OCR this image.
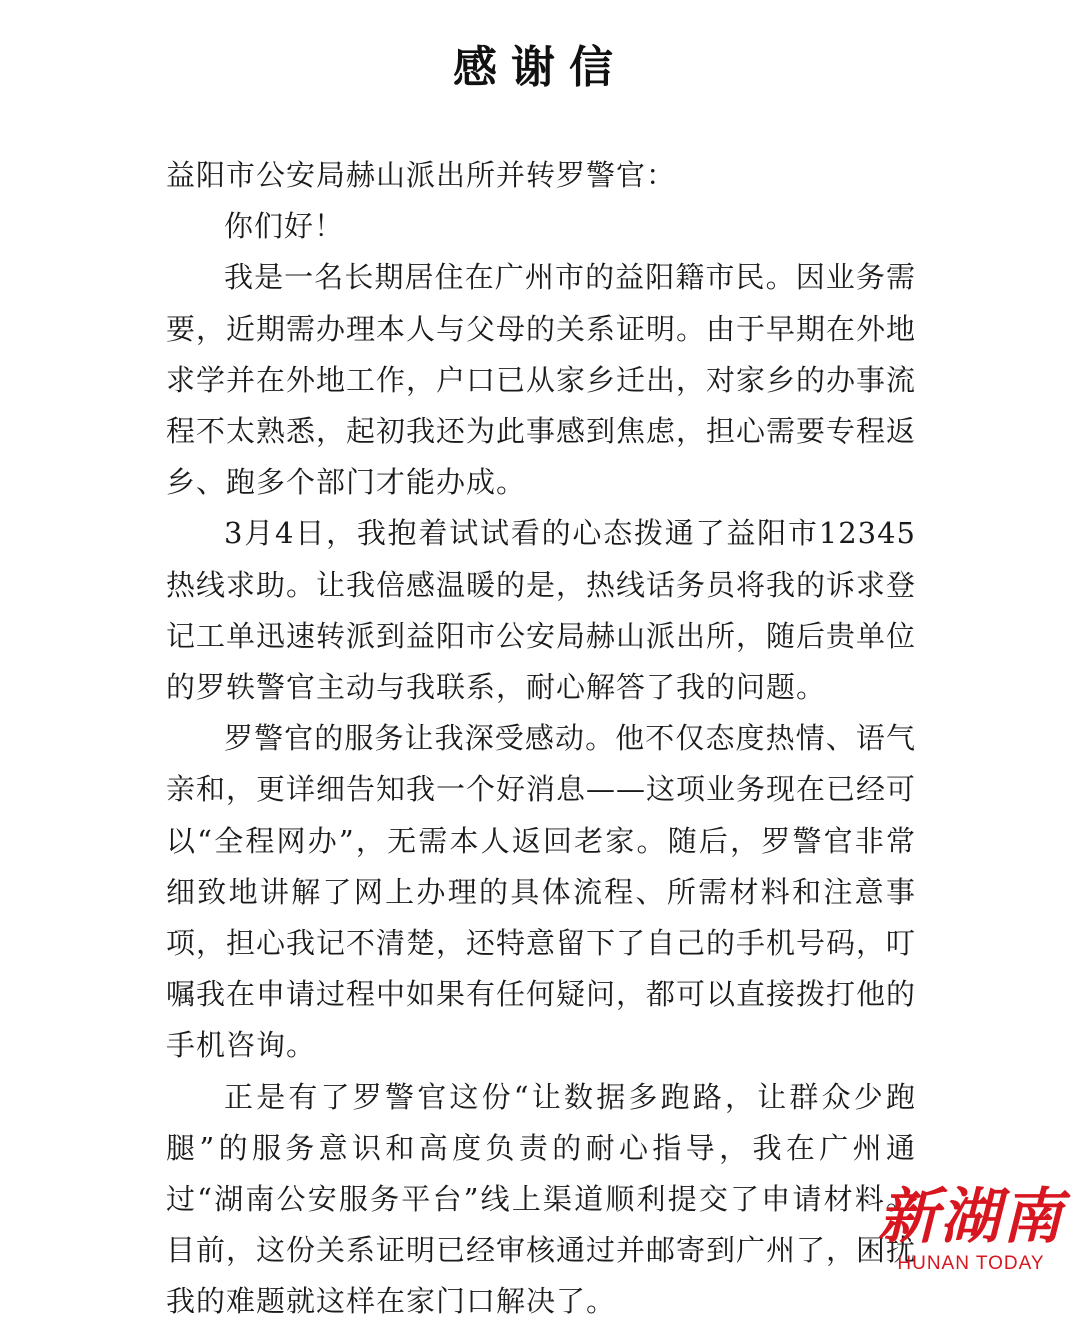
感谢信

益阳市公安局赫山派出所并转罗警官：

你们好！

我是一名长期居住在广州市的益阳籍市民。因业务需要，近期需办理本人与父母的关系证明。由于早期在外地求学并在外地工作，户口已从家乡迁出，对家乡的办事流程不太熟悉，起初我还为此事感到焦虑，担心需要专程返乡、跑多个部门才能办成。

3月4日，我抱着试试看的心态拨通了益阳市12345热线求助。让我倍感温暖的是，热线话务员将我的诉求登记工单迅速转派到益阳市公安局赫山派出所，随后贵单位的罗轶警官主动与我联系，耐心解答了我的问题。

罗警官的服务让我深受感动。他不仅态度热情、语气亲和，更详细告知我一个好消息——这项业务现在已经可以“全程网办”，无需本人返回老家。随后，罗警官非常细致地讲解了网上办理的具体流程、所需材料和注意事项，担心我记不清楚，还特意留下了自己的手机号码，叮嘱我在申请过程中如果有任何疑问，都可以直接拨打他的手机咨询。

正是有了罗警官这份“让数据多跑路，让群众少跑腿”的服务意识和高度负责的耐心指导，我在广州通过“湖南公安服务平台”线上渠道顺利提交了申请材料。目前，这份关系证明已经审核通过并邮寄到广州了，困扰我的难题就这样在家门口解决了。

新湖南
HUNAN TODAY
